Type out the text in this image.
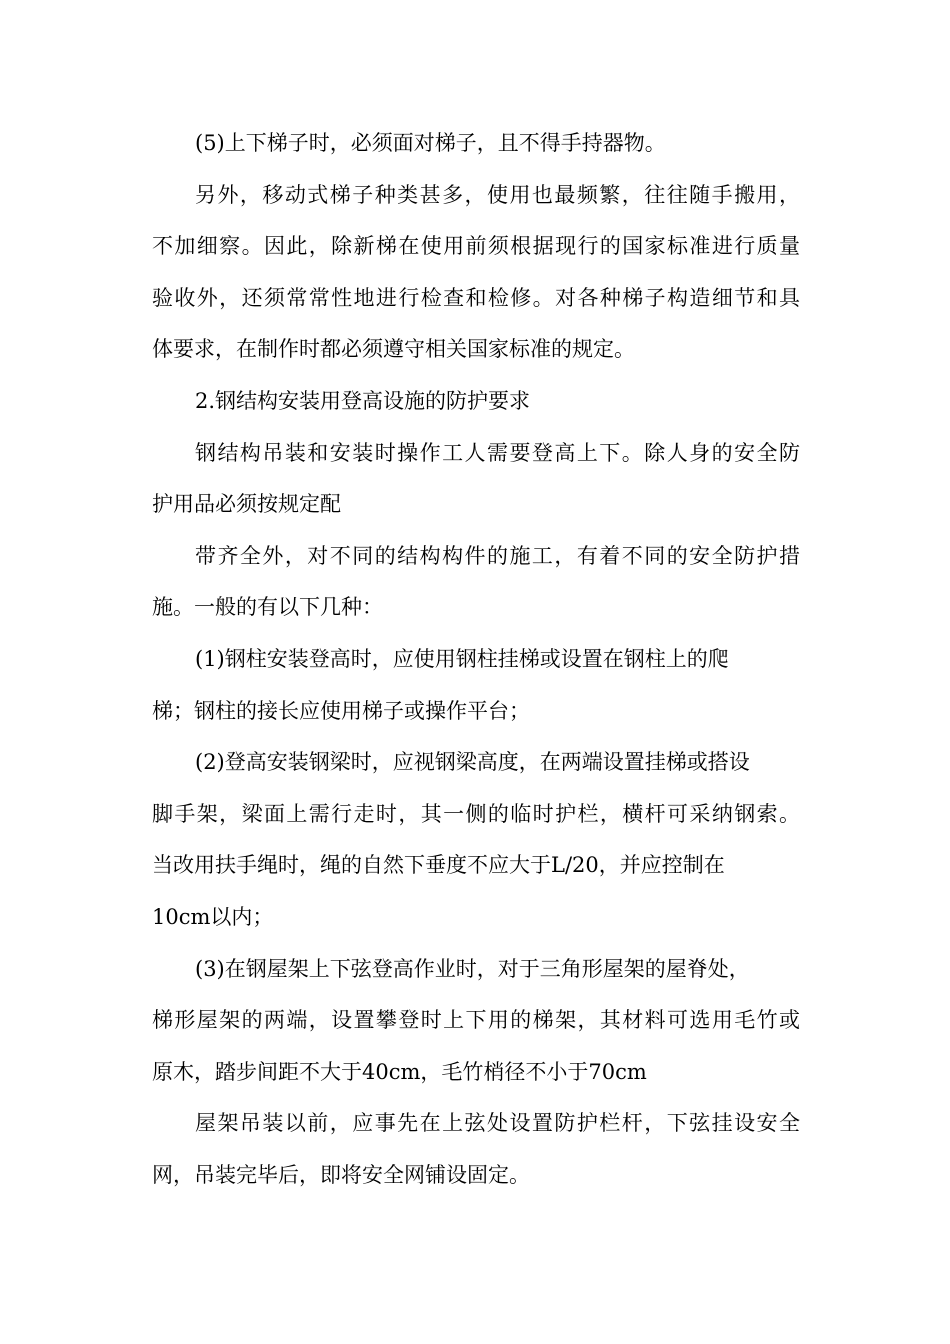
(5)上下梯子时，必须面对梯子，且不得手持器物。
另外，移动式梯子种类甚多，使用也最频繁，往往随手搬用，
不加细察。因此，除新梯在使用前须根据现行的国家标准进行质量
验收外，还须常常性地进行检查和检修。对各种梯子构造细节和具
体要求，在制作时都必须遵守相关国家标准的规定。
2.钢结构安装用登高设施的防护要求
钢结构吊装和安装时操作工人需要登高上下。除人身的安全防
护用品必须按规定配
带齐全外，对不同的结构构件的施工，有着不同的安全防护措
施。一般的有以下几种：
(1)钢柱安装登高时，应使用钢柱挂梯或设置在钢柱上的爬
梯；钢柱的接长应使用梯子或操作平台；
(2)登高安装钢梁时，应视钢梁高度，在两端设置挂梯或搭设
脚手架，梁面上需行走时，其一侧的临时护栏，横杆可采纳钢索。
当改用扶手绳时，绳的自然下垂度不应大于L/20，并应控制在
10cm以内；
(3)在钢屋架上下弦登高作业时，对于三角形屋架的屋脊处，
梯形屋架的两端，设置攀登时上下用的梯架，其材料可选用毛竹或
原木，踏步间距不大于40cm，毛竹梢径不小于70cm
屋架吊装以前，应事先在上弦处设置防护栏杆，下弦挂设安全
网，吊装完毕后，即将安全网铺设固定。
